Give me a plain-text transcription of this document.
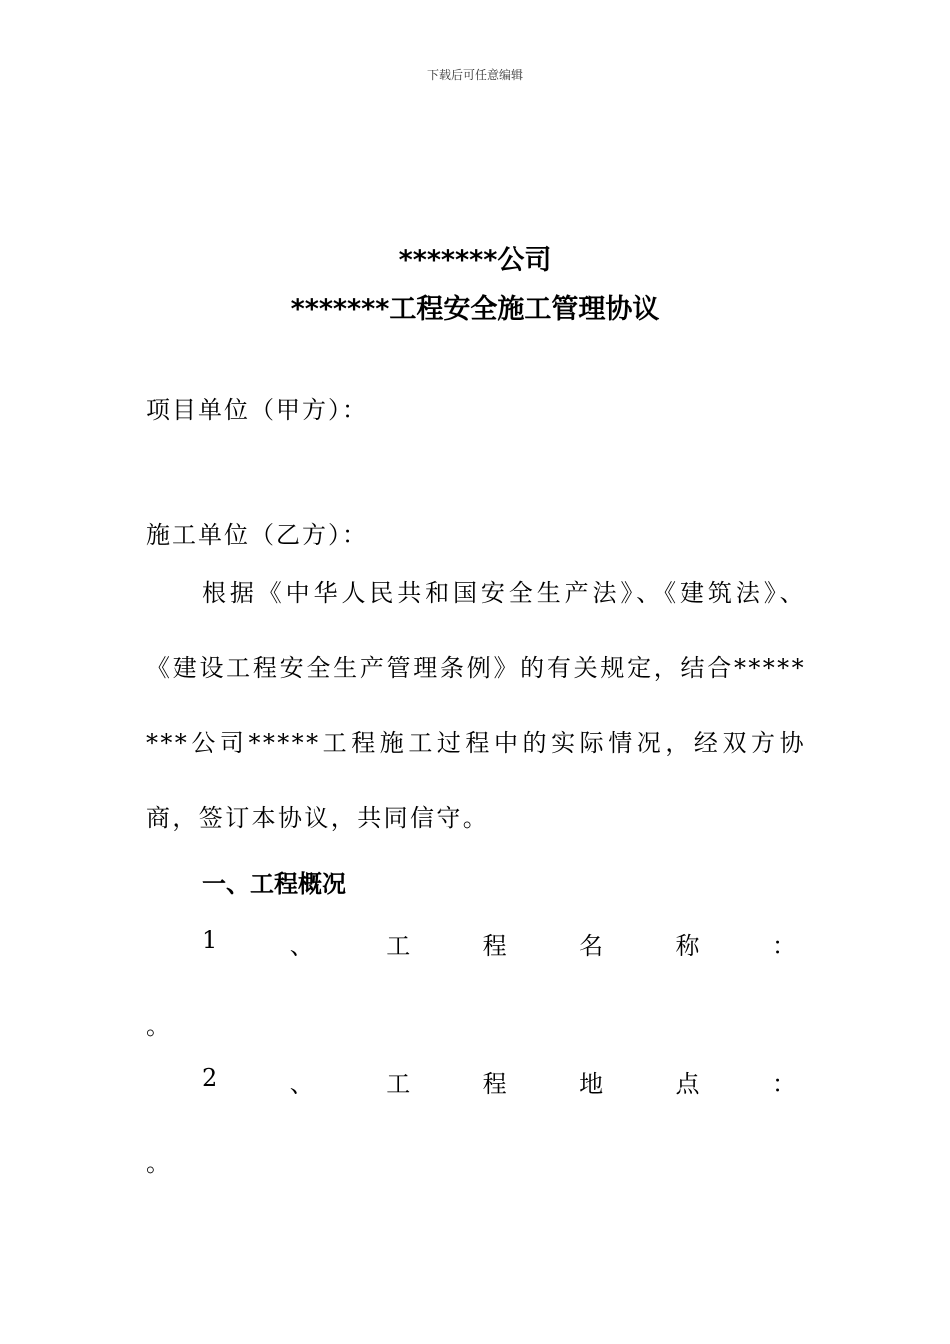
下载后可任意编辑
*******公司
*******工程安全施工管理协议
项目单位（甲方）：
施工单位（乙方）：
根据《中华人民共和国安全生产法》、《建筑法》、《建设工程安全生产管理条例》的有关规定，结合********公司*****工程施工过程中的实际情况，经双方协商，签订本协议，共同信守。
一、工程概况
1	、	工	程	名	称	：
。
2	、	工	程	地	点	：
。
